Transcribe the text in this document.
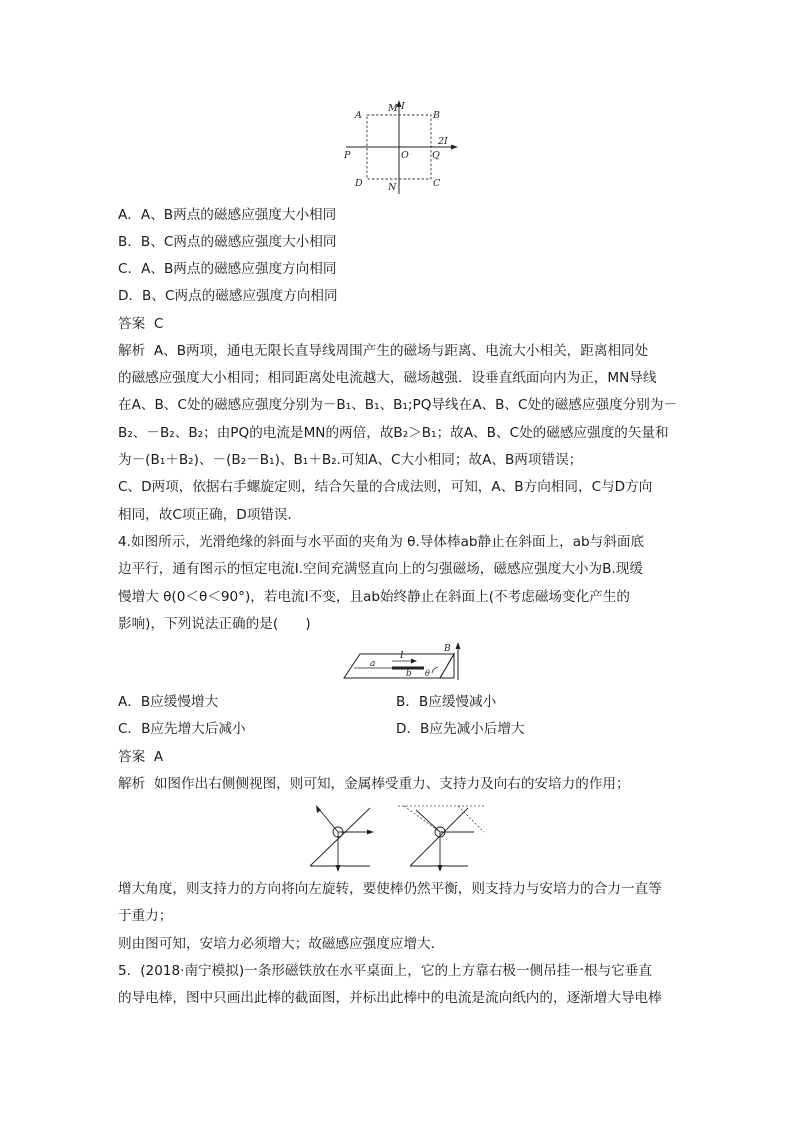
A
M I
B
2I
P	O Q
D	N	C
A．A、B两点的磁感应强度大小相同
B．B、C两点的磁感应强度大小相同
C．A、B两点的磁感应强度方向相同
D．B、C两点的磁感应强度方向相同
答案 C
解析 A、B两项，通电无限长直导线周围产生的磁场与距离、电流大小相关，距离相同处
的磁感应强度大小相同；相同距离处电流越大，磁场越强．设垂直纸面向内为正，MN导线
在A、B、C处的磁感应强度分别为－B₁、B₁、B₁;PQ导线在A、B、C处的磁感应强度分别为－
B₂、－B₂、B₂；由PQ的电流是MN的两倍，故B₂＞B₁；故A、B、C处的磁感应强度的矢量和
为－(B₁＋B₂)、－(B₂－B₁)、B₁＋B₂.可知A、C大小相同；故A、B两项错误；
C、D两项，依据右手螺旋定则，结合矢量的合成法则，可知，A、B方向相同，C与D方向
相同，故C项正确，D项错误．
4.如图所示，光滑绝缘的斜面与水平面的夹角为 θ.导体棒ab静止在斜面上，ab与斜面底
边平行，通有图示的恒定电流I.空间充满竖直向上的匀强磁场，磁感应强度大小为B.现缓
慢增大 θ(0＜θ＜90°)，若电流I不变，且ab始终静止在斜面上(不考虑磁场变化产生的
影响)，下列说法正确的是(　　)
a
I
b θ
B
A．B应缓慢增大	B．B应缓慢减小
C．B应先增大后减小	D．B应先减小后增大
答案 A
解析 如图作出右侧侧视图，则可知，金属棒受重力、支持力及向右的安培力的作用；
增大角度，则支持力的方向将向左旋转，要使棒仍然平衡，则支持力与安培力的合力一直等
于重力；
则由图可知，安培力必须增大；故磁感应强度应增大．
5．(2018·南宁模拟)一条形磁铁放在水平桌面上，它的上方靠右极一侧吊挂一根与它垂直
的导电棒，图中只画出此棒的截面图，并标出此棒中的电流是流向纸内的，逐渐增大导电棒
